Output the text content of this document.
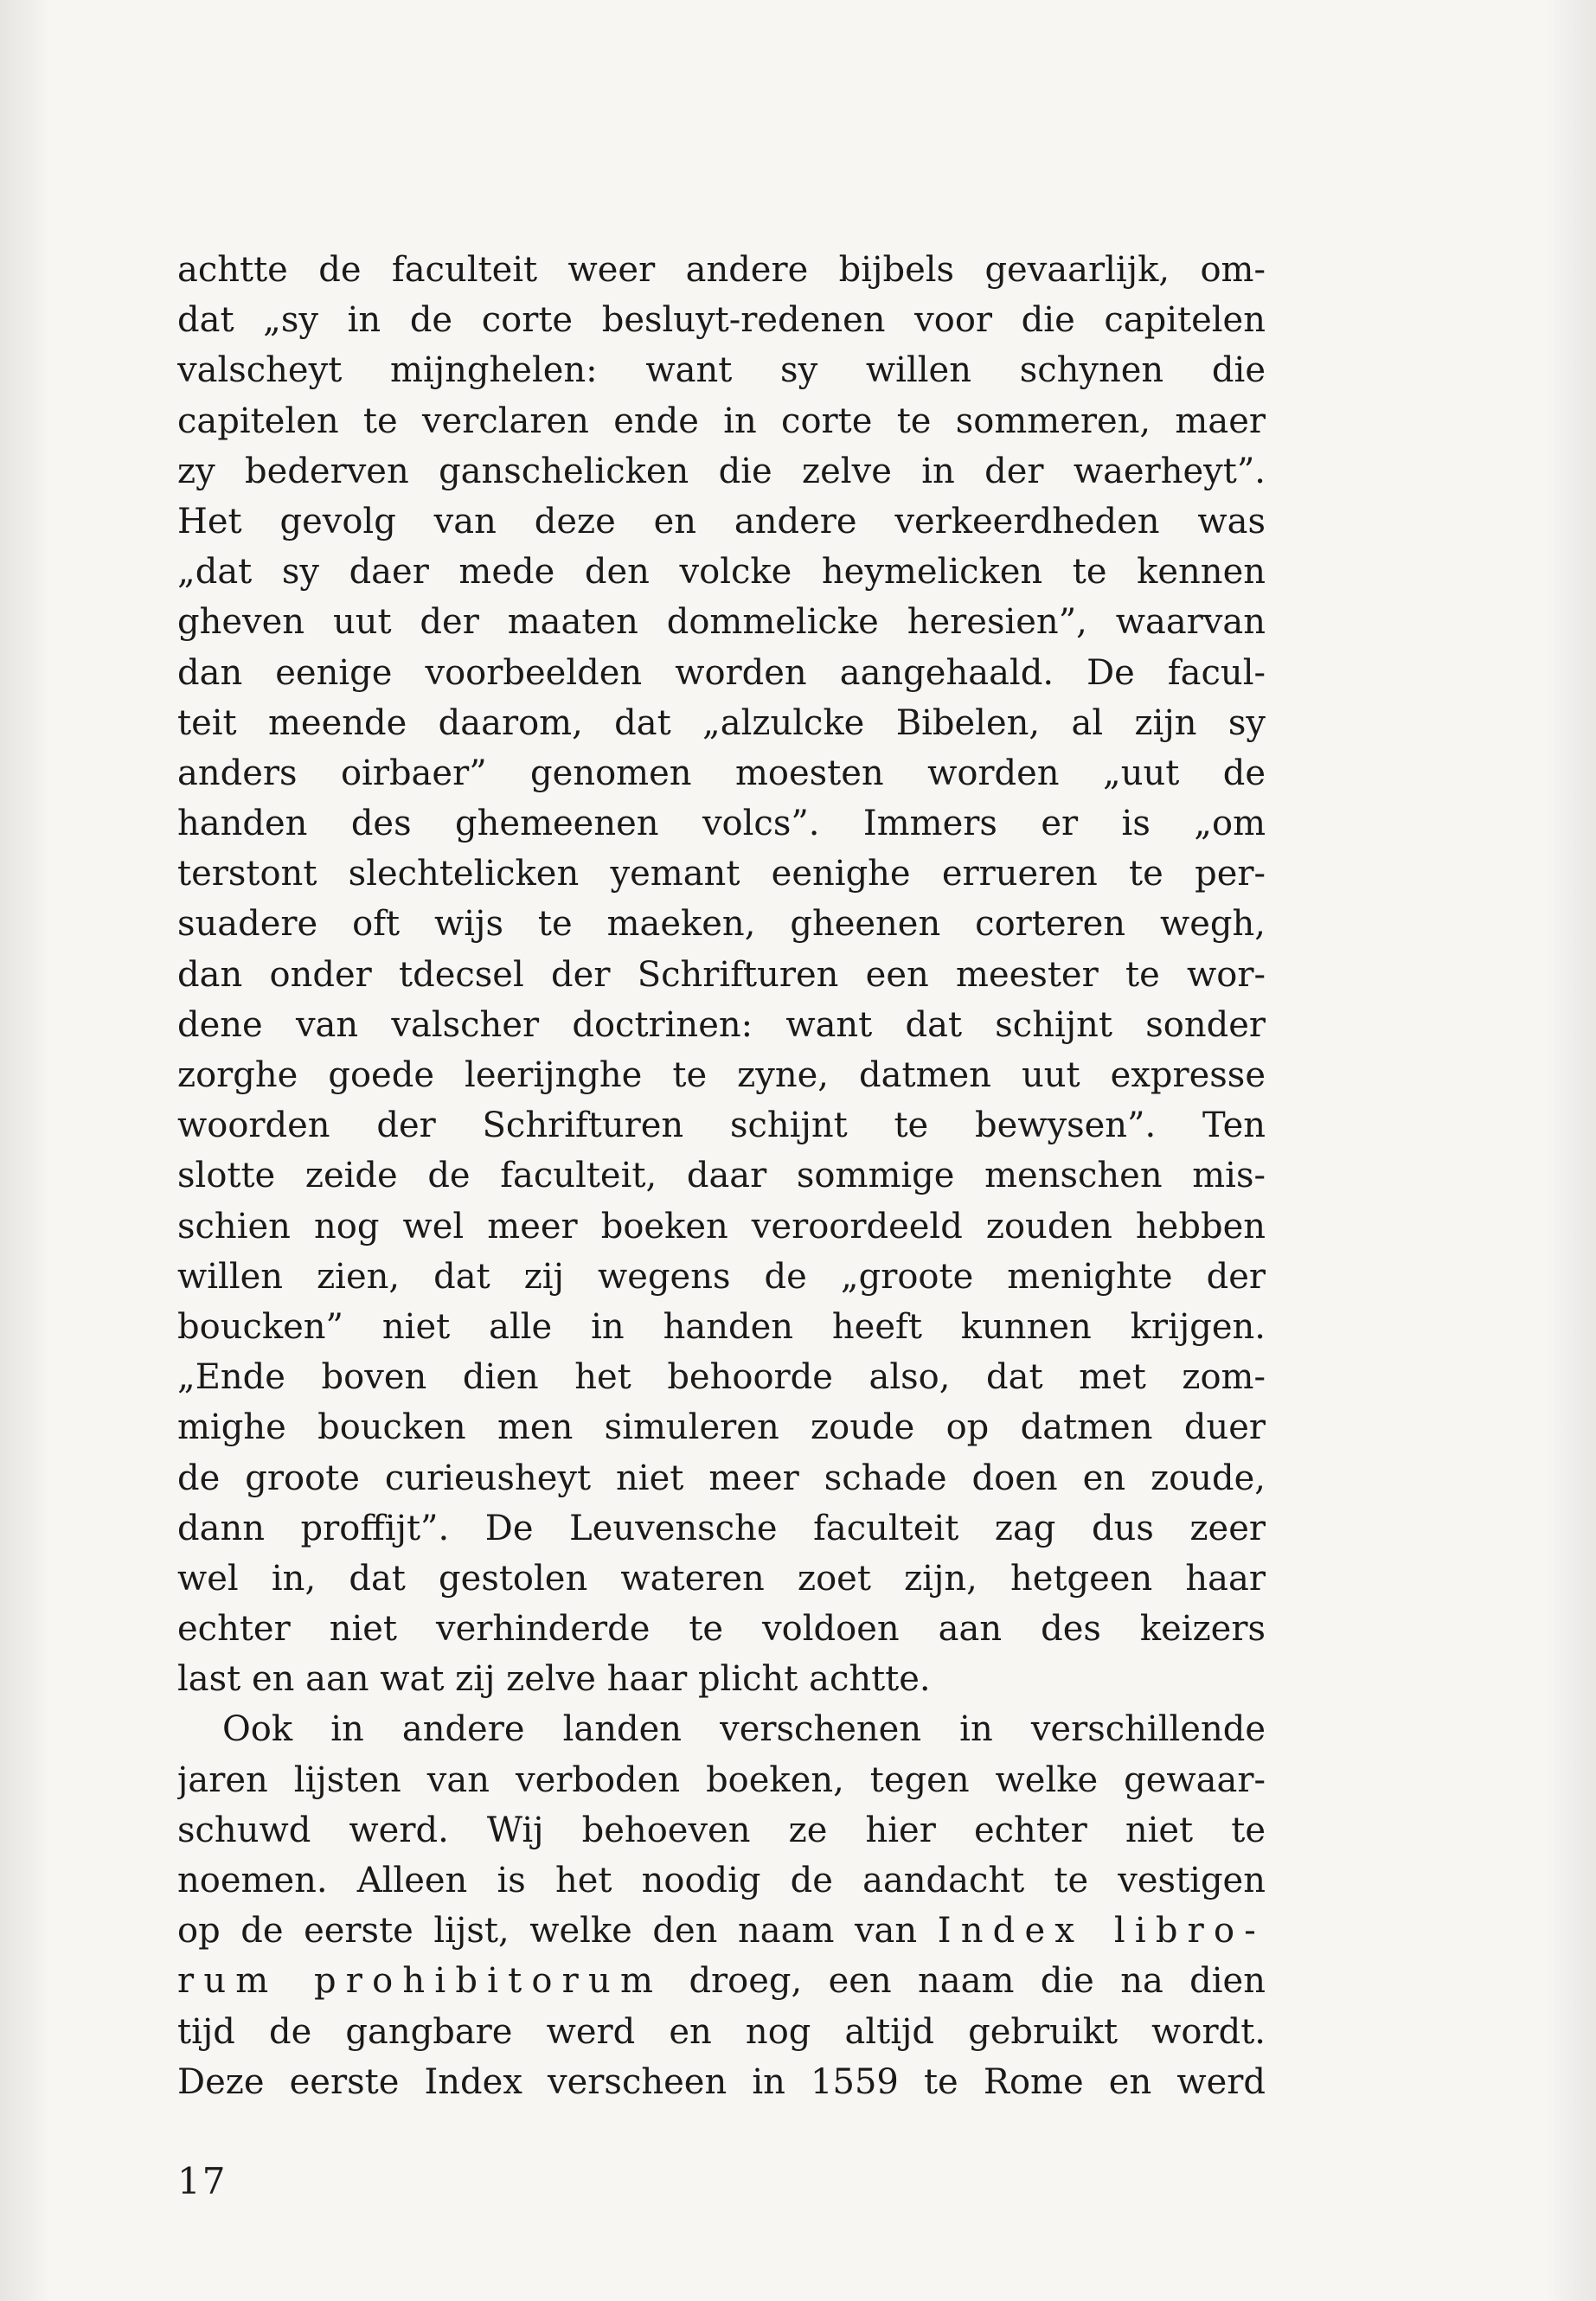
achtte de faculteit weer andere bijbels gevaarlijk, om-
dat „sy in de corte besluyt-redenen voor die capitelen
valscheyt mijnghelen: want sy willen schynen die
capitelen te verclaren ende in corte te sommeren, maer
zy bederven ganschelicken die zelve in der waerheyt”.
Het gevolg van deze en andere verkeerdheden was
„dat sy daer mede den volcke heymelicken te kennen
gheven uut der maaten dommelicke heresien”, waarvan
dan eenige voorbeelden worden aangehaald. De facul-
teit meende daarom, dat „alzulcke Bibelen, al zijn sy
anders oirbaer” genomen moesten worden „uut de
handen des ghemeenen volcs”. Immers er is „om
terstont slechtelicken yemant eenighe errueren te per-
suadere oft wijs te maeken, gheenen corteren wegh,
dan onder tdecsel der Schrifturen een meester te wor-
dene van valscher doctrinen: want dat schijnt sonder
zorghe goede leerijnghe te zyne, datmen uut expresse
woorden der Schrifturen schijnt te bewysen”. Ten
slotte zeide de faculteit, daar sommige menschen mis-
schien nog wel meer boeken veroordeeld zouden hebben
willen zien, dat zij wegens de „groote menighte der
boucken” niet alle in handen heeft kunnen krijgen.
„Ende boven dien het behoorde also, dat met zom-
mighe boucken men simuleren zoude op datmen duer
de groote curieusheyt niet meer schade doen en zoude,
dann proffijt”. De Leuvensche faculteit zag dus zeer
wel in, dat gestolen wateren zoet zijn, hetgeen haar
echter niet verhinderde te voldoen aan des keizers
last en aan wat zij zelve haar plicht achtte.
Ook in andere landen verschenen in verschillende
jaren lijsten van verboden boeken, tegen welke gewaar-
schuwd werd. Wij behoeven ze hier echter niet te
noemen. Alleen is het noodig de aandacht te vestigen
op de eerste lijst, welke den naam van Index libro-
rum prohibitorum droeg, een naam die na dien
tijd de gangbare werd en nog altijd gebruikt wordt.
Deze eerste Index verscheen in 1559 te Rome en werd
17
